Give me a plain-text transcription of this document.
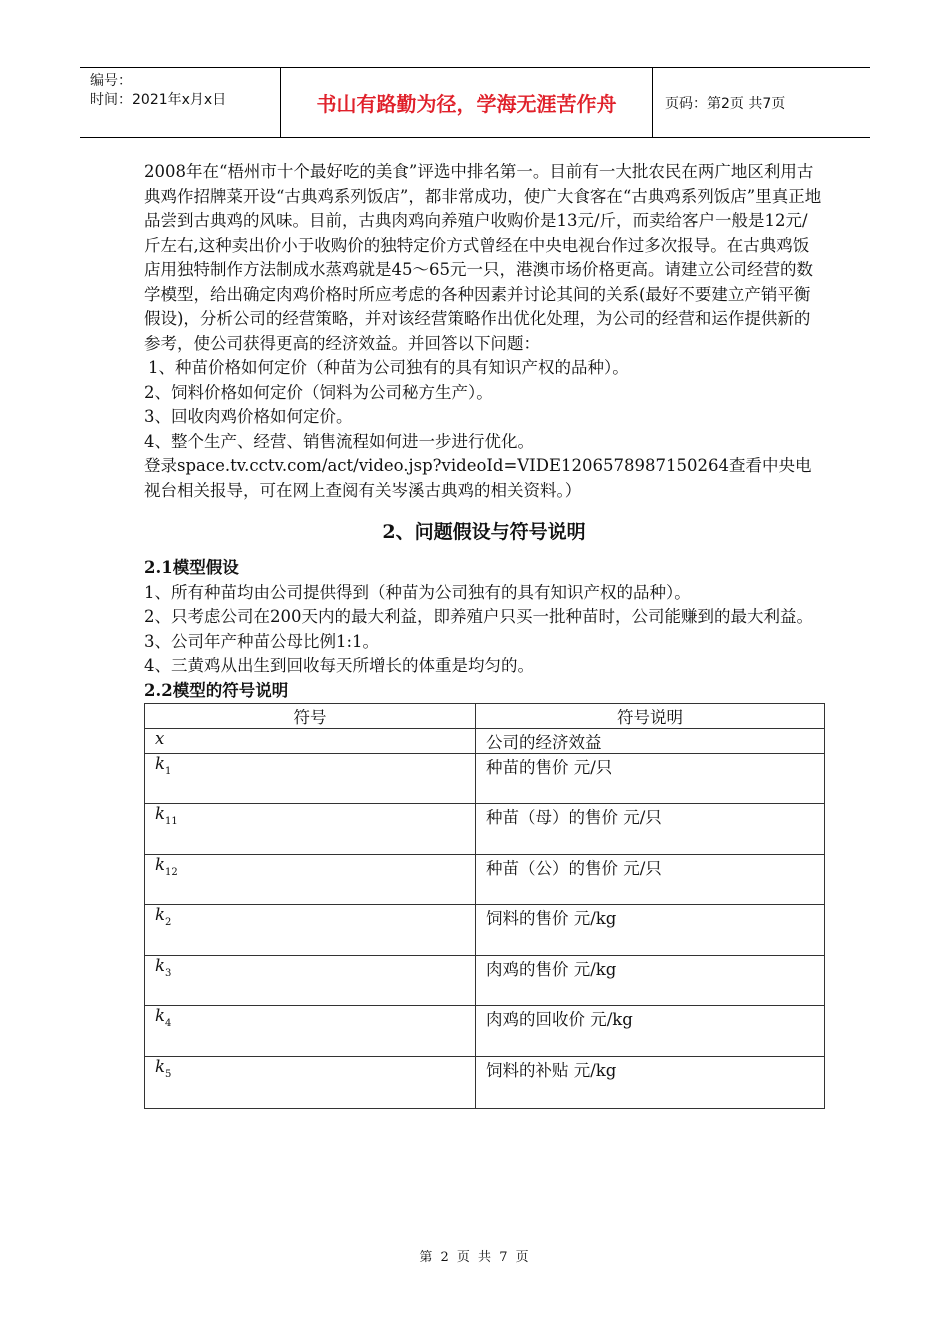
编号：
时间：2021年x月x日	书山有路勤为径，学海无涯苦作舟	页码：第2页 共7页

2008年在“梧州市十个最好吃的美食”评选中排名第一。目前有一大批农民在两广地区利用古典鸡作招牌菜开设“古典鸡系列饭店”，都非常成功，使广大食客在“古典鸡系列饭店”里真正地品尝到古典鸡的风味。目前，古典肉鸡向养殖户收购价是13元/斤，而卖给客户一般是12元/斤左右,这种卖出价小于收购价的独特定价方式曾经在中央电视台作过多次报导。在古典鸡饭店用独特制作方法制成水蒸鸡就是45～65元一只，港澳市场价格更高。请建立公司经营的数学模型，给出确定肉鸡价格时所应考虑的各种因素并讨论其间的关系(最好不要建立产销平衡假设)，分析公司的经营策略，并对该经营策略作出优化处理，为公司的经营和运作提供新的参考，使公司获得更高的经济效益。并回答以下问题：

1、种苗价格如何定价（种苗为公司独有的具有知识产权的品种）。

2、饲料价格如何定价（饲料为公司秘方生产）。

3、回收肉鸡价格如何定价。

4、整个生产、经营、销售流程如何进一步进行优化。

登录space.tv.cctv.com/act/video.jsp?videoId=VIDE1206578987150264查看中央电视台相关报导，可在网上查阅有关岑溪古典鸡的相关资料。）

2、问题假设与符号说明

2.1模型假设

1、所有种苗均由公司提供得到（种苗为公司独有的具有知识产权的品种）。

2、只考虑公司在200天内的最大利益，即养殖户只买一批种苗时，公司能赚到的最大利益。

3、公司年产种苗公母比例1:1。

4、三黄鸡从出生到回收每天所增长的体重是均匀的。

2.2模型的符号说明

符号	符号说明
x	公司的经济效益
$k_1$	种苗的售价 元/只
$k_{11}$	种苗（母）的售价 元/只
$k_{12}$	种苗（公）的售价 元/只
$k_2$	饲料的售价 元/kg
$k_3$	肉鸡的售价 元/kg
$k_4$	肉鸡的回收价 元/kg
$k_5$	饲料的补贴 元/kg
第 2 页 共 7 页
